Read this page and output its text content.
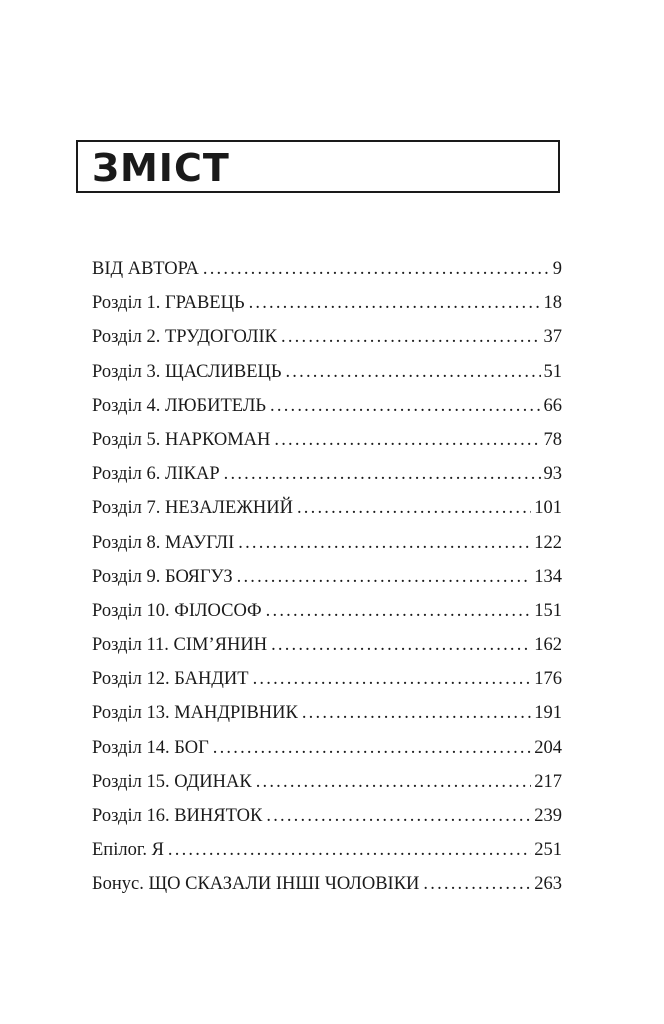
ЗМІСТ
ВІД АВТОРА .....	9
Розділ 1. ГРАВЕЦЬ .....	18
Розділ 2. ТРУДОГОЛІК .....	37
Розділ 3. ЩАСЛИВЕЦЬ .....	51
Розділ 4. ЛЮБИТЕЛЬ .....	66
Розділ 5. НАРКОМАН .....	78
Розділ 6. ЛІКАР .....	93
Розділ 7. НЕЗАЛЕЖНИЙ .....	101
Розділ 8. МАУГЛІ .....	122
Розділ 9. БОЯГУЗ .....	134
Розділ 10. ФІЛОСОФ .....	151
Розділ 11. СІМ’ЯНИН .....	162
Розділ 12. БАНДИТ .....	176
Розділ 13. МАНДРІВНИК .....	191
Розділ 14. БОГ .....	204
Розділ 15. ОДИНАК .....	217
Розділ 16. ВИНЯТОК .....	239
Епілог. Я .....	251
Бонус. ЩО СКАЗАЛИ ІНШІ ЧОЛОВІКИ .....	263
